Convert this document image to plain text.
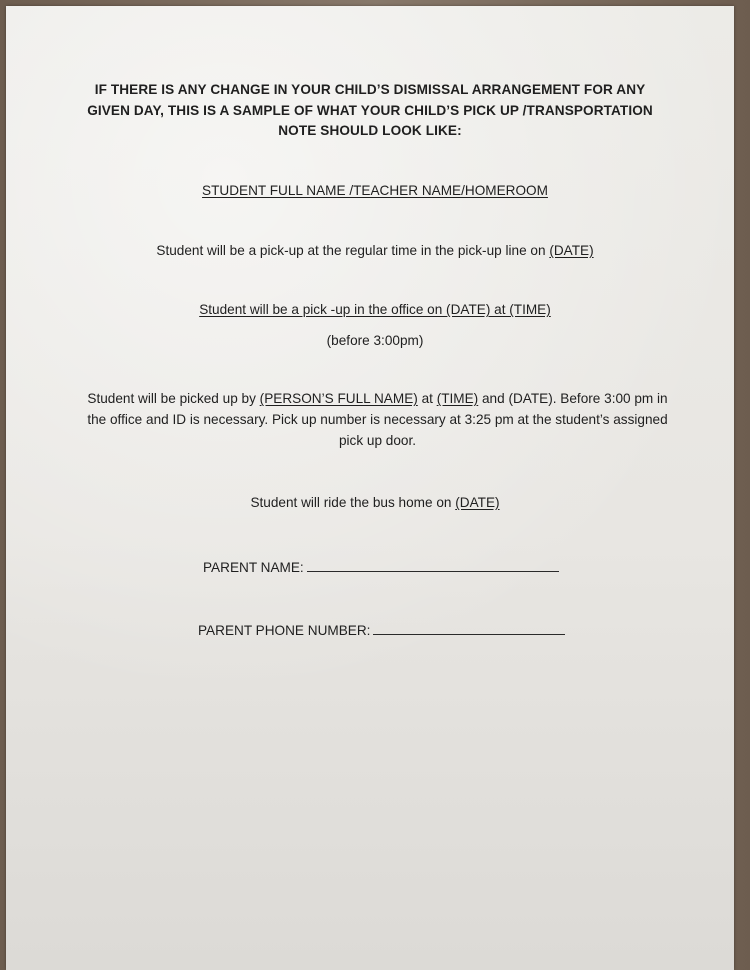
IF THERE IS ANY CHANGE IN YOUR CHILD’S DISMISSAL ARRANGEMENT FOR ANY
GIVEN DAY, THIS IS A SAMPLE OF WHAT YOUR CHILD’S PICK UP /TRANSPORTATION
NOTE SHOULD LOOK LIKE:
STUDENT FULL NAME /TEACHER NAME/HOMEROOM
Student will be a pick-up at the regular time in the pick-up line on (DATE)
Student will be a pick -up in the office on (DATE) at (TIME)
(before 3:00pm)
Student will be picked up by (PERSON’S FULL NAME) at (TIME) and (DATE). Before 3:00 pm in the office and ID is necessary. Pick up number is necessary at 3:25 pm at the student’s assigned pick up door.
Student will ride the bus home on (DATE)
PARENT NAME:
PARENT PHONE NUMBER:
